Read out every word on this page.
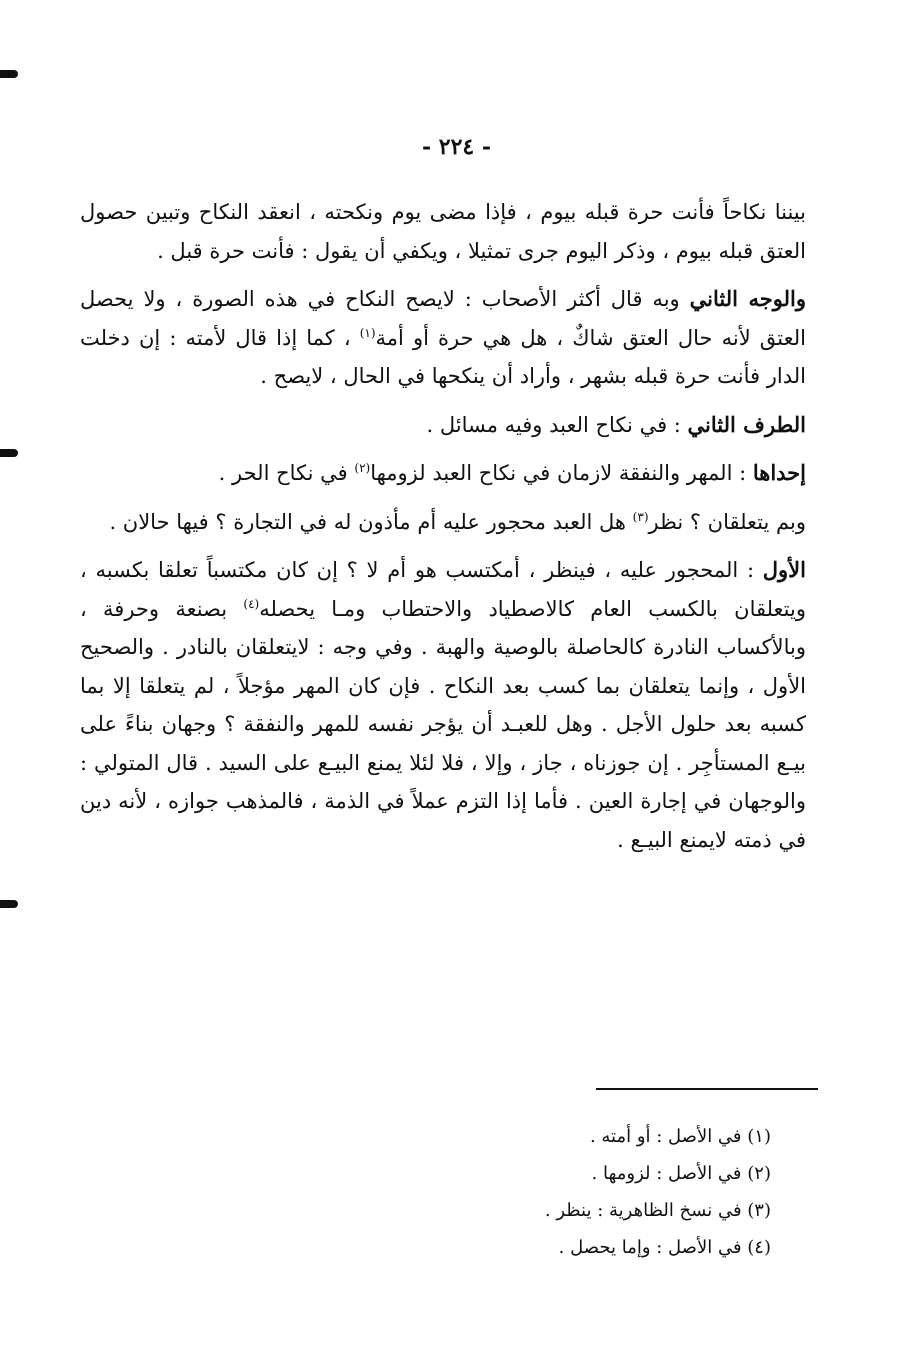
- ٢٢٤ -

بيننا نكاحاً فأنت حرة قبله بيوم ، فإذا مضى يوم ونكحته ، انعقد النكاح وتبين حصول العتق قبله بيوم ، وذكر اليوم جرى تمثيلا ، ويكفي أن يقول : فأنت حرة قبل .

والوجه الثاني وبه قال أكثر الأصحاب : لايصح النكاح في هذه الصورة ، ولا يحصل العتق لأنه حال العتق شاكٌ ، هل هي حرة أو أمة$^{(١)}$ ، كما إذا قال لأمته : إن دخلت الدار فأنت حرة قبله بشهر ، وأراد أن ينكحها في الحال ، لايصح .

الطرف الثاني : في نكاح العبد وفيه مسائل .

إحداها : المهر والنفقة لازمان في نكاح العبد لزومها$^{(٢)}$ في نكاح الحر .

وبم يتعلقان ؟ نظر$^{(٣)}$ هل العبد محجور عليه أم مأذون له في التجارة ؟ فيها حالان .

الأول : المحجور عليه ، فينظر ، أمكتسب هو أم لا ؟ إن كان مكتسباً تعلقا بكسبه ، ويتعلقان بالكسب العام كالاصطياد والاحتطاب ومـا يحصله$^{(٤)}$ بصنعة وحرفة ، وبالأكساب النادرة كالحاصلة بالوصية والهبة . وفي وجه : لايتعلقان بالنادر . والصحيح الأول ، وإنما يتعلقان بما كسب بعد النكاح . فإن كان المهر مؤجلاً ، لم يتعلقا إلا بما كسبه بعد حلول الأجل . وهل للعبـد أن يؤجر نفسه للمهر والنفقة ؟ وجهان بناءً على بيـع المستأجِر . إن جوزناه ، جاز ، وإلا ، فلا لئلا يمنع البيـع على السيد . قال المتولي : والوجهان في إجارة العين . فأما إذا التزم عملاً في الذمة ، فالمذهب جوازه ، لأنه دين في ذمته لايمنع البيـع .

(١) في الأصل : أو أمته .
(٢) في الأصل : لزومها .
(٣) في نسخ الظاهرية : ينظر .
(٤) في الأصل : وإما يحصل .
